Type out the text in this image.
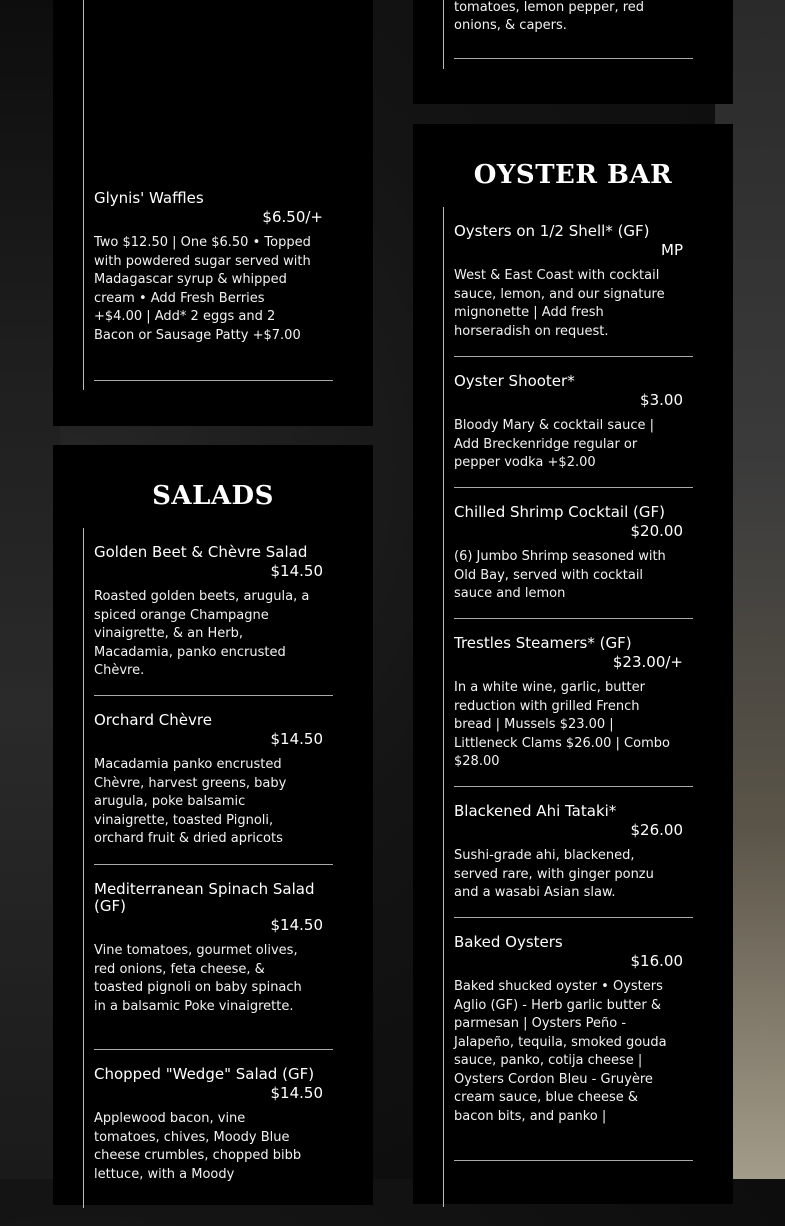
Glynis' Waffles
$6.50/+
Two $12.50 | One $6.50 • Topped with powdered sugar served with Madagascar syrup & whipped cream • Add Fresh Berries +$4.00 | Add* 2 eggs and 2 Bacon or Sausage Patty +$7.00
tomatoes, lemon pepper, red onions, & capers.
SALADS
Golden Beet & Chèvre Salad
$14.50
Roasted golden beets, arugula, a spiced orange Champagne vinaigrette, & an Herb, Macadamia, panko encrusted Chèvre.
Orchard Chèvre
$14.50
Macadamia panko encrusted Chèvre, harvest greens, baby arugula, poke balsamic vinaigrette, toasted Pignoli, orchard fruit & dried apricots
Mediterranean Spinach Salad (GF)
$14.50
Vine tomatoes, gourmet olives, red onions, feta cheese, & toasted pignoli on baby spinach in a balsamic Poke vinaigrette.
Chopped "Wedge" Salad (GF)
$14.50
Applewood bacon, vine tomatoes, chives, Moody Blue cheese crumbles, chopped bibb lettuce, with a Moody
OYSTER BAR
Oysters on 1/2 Shell* (GF)
MP
West & East Coast with cocktail sauce, lemon, and our signature mignonette | Add fresh horseradish on request.
Oyster Shooter*
$3.00
Bloody Mary & cocktail sauce | Add Breckenridge regular or pepper vodka +$2.00
Chilled Shrimp Cocktail (GF)
$20.00
(6) Jumbo Shrimp seasoned with Old Bay, served with cocktail sauce and lemon
Trestles Steamers* (GF)
$23.00/+
In a white wine, garlic, butter reduction with grilled French bread | Mussels $23.00 | Littleneck Clams $26.00 | Combo $28.00
Blackened Ahi Tataki*
$26.00
Sushi-grade ahi, blackened, served rare, with ginger ponzu and a wasabi Asian slaw.
Baked Oysters
$16.00
Baked shucked oyster • Oysters Aglio (GF) - Herb garlic butter & parmesan | Oysters Peño - Jalapeño, tequila, smoked gouda sauce, panko, cotija cheese | Oysters Cordon Bleu - Gruyère cream sauce, blue cheese & bacon bits, and panko |
